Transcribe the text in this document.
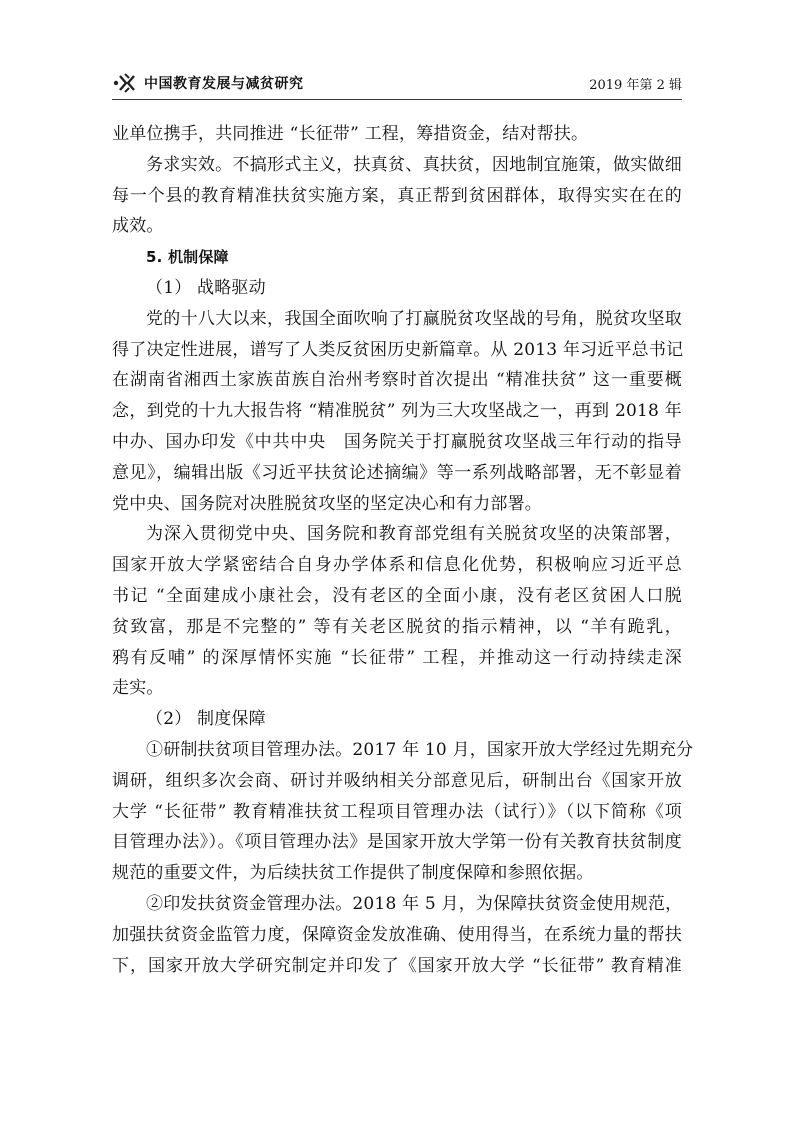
中国教育发展与减贫研究	2019 年第 2 辑

业单位携手，共同推进 “长征带” 工程，筹措资金，结对帮扶。

务求实效。不搞形式主义，扶真贫、真扶贫，因地制宜施策，做实做细
每一个县的教育精准扶贫实施方案，真正帮到贫困群体，取得实实在在的
成效。

5. 机制保障
（1） 战略驱动

党的十八大以来，我国全面吹响了打赢脱贫攻坚战的号角，脱贫攻坚取
得了决定性进展，谱写了人类反贫困历史新篇章。从 2013 年习近平总书记
在湖南省湘西土家族苗族自治州考察时首次提出 “精准扶贫” 这一重要概
念，到党的十九大报告将 “精准脱贫” 列为三大攻坚战之一，再到 2018 年
中办、国办印发《中共中央　国务院关于打赢脱贫攻坚战三年行动的指导
意见》，编辑出版《习近平扶贫论述摘编》等一系列战略部署，无不彰显着
党中央、国务院对决胜脱贫攻坚的坚定决心和有力部署。

为深入贯彻党中央、国务院和教育部党组有关脱贫攻坚的决策部署，
国家开放大学紧密结合自身办学体系和信息化优势，积极响应习近平总
书记 “全面建成小康社会，没有老区的全面小康，没有老区贫困人口脱
贫致富，那是不完整的” 等有关老区脱贫的指示精神，以 “羊有跪乳，
鸦有反哺” 的深厚情怀实施 “长征带” 工程，并推动这一行动持续走深
走实。

（2） 制度保障

①研制扶贫项目管理办法。2017 年 10 月，国家开放大学经过先期充分
调研，组织多次会商、研讨并吸纳相关分部意见后，研制出台《国家开放
大学 “长征带” 教育精准扶贫工程项目管理办法（试行）》（以下简称《项
目管理办法》）。《项目管理办法》是国家开放大学第一份有关教育扶贫制度
规范的重要文件，为后续扶贫工作提供了制度保障和参照依据。

②印发扶贫资金管理办法。2018 年 5 月，为保障扶贫资金使用规范，
加强扶贫资金监管力度，保障资金发放准确、使用得当，在系统力量的帮扶
下，国家开放大学研究制定并印发了《国家开放大学 “长征带” 教育精准
